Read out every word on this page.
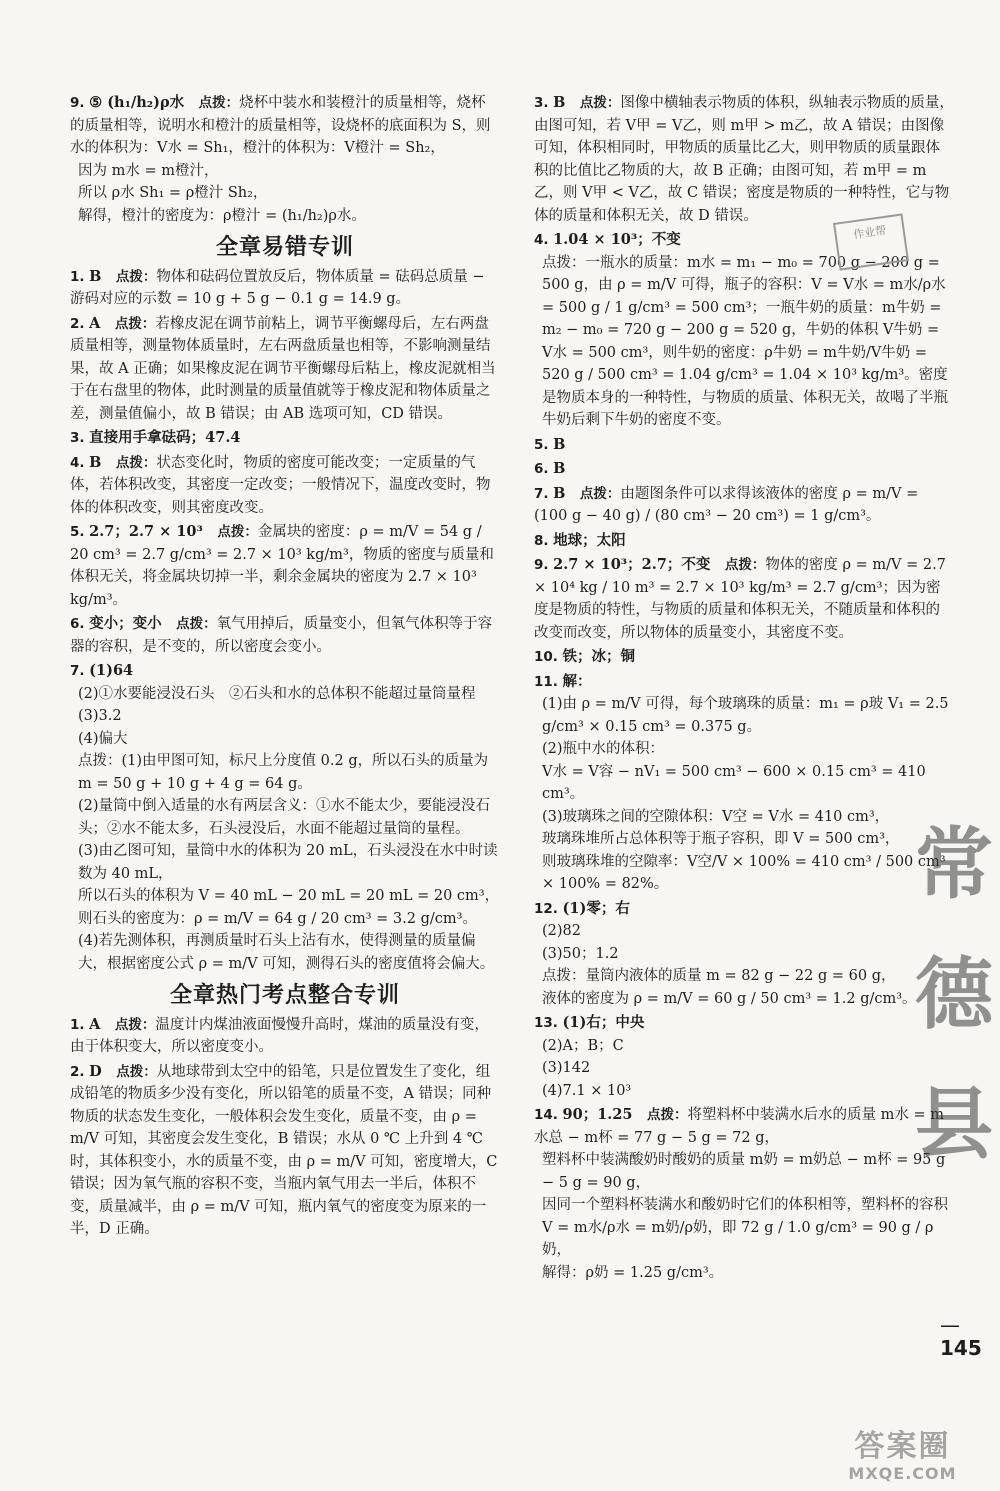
9. ⑤ (h₁/h₂)ρ水　 点拨：烧杯中装水和装橙汁的质量相等，烧杯的质量相等，说明水和橙汁的质量相等，设烧杯的底面积为 S，则水的体积为：V水 = Sh₁，橙汁的体积为：V橙汁 = Sh₂，
因为 m水 = m橙汁，
所以 ρ水 Sh₁ = ρ橙汁 Sh₂，
解得，橙汁的密度为：ρ橙汁 = (h₁/h₂)ρ水。
全章易错专训
1. B　 点拨：物体和砝码位置放反后，物体质量 = 砝码总质量 − 游码对应的示数 = 10 g + 5 g − 0.1 g = 14.9 g。
2. A　 点拨：若橡皮泥在调节前粘上，调节平衡螺母后，左右两盘质量相等，测量物体质量时，左右两盘质量也相等，不影响测量结果，故 A 正确；如果橡皮泥在调节平衡螺母后粘上，橡皮泥就相当于在右盘里的物体，此时测量的质量值就等于橡皮泥和物体质量之差，测量值偏小，故 B 错误；由 AB 选项可知，CD 错误。
3. 直接用手拿砝码；47.4
4. B　 点拨：状态变化时，物质的密度可能改变；一定质量的气体，若体积改变，其密度一定改变；一般情况下，温度改变时，物体的体积改变，则其密度改变。
5. 2.7；2.7 × 10³　 点拨：金属块的密度：ρ = m/V = 54 g / 20 cm³ = 2.7 g/cm³ = 2.7 × 10³ kg/m³，物质的密度与质量和体积无关，将金属块切掉一半，剩余金属块的密度为 2.7 × 10³ kg/m³。
6. 变小；变小　 点拨：氧气用掉后，质量变小，但氧气体积等于容器的容积，是不变的，所以密度会变小。
7. (1)64
(2)①水要能浸没石头　②石头和水的总体积不能超过量筒量程
(3)3.2
(4)偏大
点拨：(1)由甲图可知，标尺上分度值 0.2 g，所以石头的质量为 m = 50 g + 10 g + 4 g = 64 g。
(2)量筒中倒入适量的水有两层含义：①水不能太少，要能浸没石头；②水不能太多，石头浸没后，水面不能超过量筒的量程。
(3)由乙图可知，量筒中水的体积为 20 mL，石头浸没在水中时读数为 40 mL，
所以石头的体积为 V = 40 mL − 20 mL = 20 mL = 20 cm³，
则石头的密度为：ρ = m/V = 64 g / 20 cm³ = 3.2 g/cm³。
(4)若先测体积，再测质量时石头上沾有水，使得测量的质量偏大，根据密度公式 ρ = m/V 可知，测得石头的密度值将会偏大。
全章热门考点整合专训
1. A　 点拨：温度计内煤油液面慢慢升高时，煤油的质量没有变，由于体积变大，所以密度变小。
2. D　 点拨：从地球带到太空中的铅笔，只是位置发生了变化，组成铅笔的物质多少没有变化，所以铅笔的质量不变，A 错误；同种物质的状态发生变化，一般体积会发生变化，质量不变，由 ρ = m/V 可知，其密度会发生变化，B 错误；水从 0 ℃ 上升到 4 ℃ 时，其体积变小，水的质量不变，由 ρ = m/V 可知，密度增大，C 错误；因为氧气瓶的容积不变，当瓶内氧气用去一半后，体积不变，质量减半，由 ρ = m/V 可知，瓶内氧气的密度变为原来的一半，D 正确。
3. B　 点拨：图像中横轴表示物质的体积，纵轴表示物质的质量，由图可知，若 V甲 = V乙，则 m甲 > m乙，故 A 错误；由图像可知，体积相同时，甲物质的质量比乙大，则甲物质的质量跟体积的比值比乙物质的大，故 B 正确；由图可知，若 m甲 = m乙，则 V甲 < V乙，故 C 错误；密度是物质的一种特性，它与物体的质量和体积无关，故 D 错误。
4. 1.04 × 10³；不变
点拨：一瓶水的质量：m水 = m₁ − m₀ = 700 g − 200 g = 500 g，由 ρ = m/V 可得，瓶子的容积：V = V水 = m水/ρ水 = 500 g / 1 g/cm³ = 500 cm³；一瓶牛奶的质量：m牛奶 = m₂ − m₀ = 720 g − 200 g = 520 g，牛奶的体积 V牛奶 = V水 = 500 cm³，则牛奶的密度：ρ牛奶 = m牛奶/V牛奶 = 520 g / 500 cm³ = 1.04 g/cm³ = 1.04 × 10³ kg/m³。密度是物质本身的一种特性，与物质的质量、体积无关，故喝了半瓶牛奶后剩下牛奶的密度不变。
5. B
6. B
7. B　 点拨：由题图条件可以求得该液体的密度 ρ = m/V = (100 g − 40 g) / (80 cm³ − 20 cm³) = 1 g/cm³。
8. 地球；太阳
9. 2.7 × 10³；2.7；不变　 点拨：物体的密度 ρ = m/V = 2.7 × 10⁴ kg / 10 m³ = 2.7 × 10³ kg/m³ = 2.7 g/cm³；因为密度是物质的特性，与物质的质量和体积无关，不随质量和体积的改变而改变，所以物体的质量变小，其密度不变。
10. 铁；冰；铜
11. 解：
(1)由 ρ = m/V 可得，每个玻璃珠的质量：m₁ = ρ玻 V₁ = 2.5 g/cm³ × 0.15 cm³ = 0.375 g。
(2)瓶中水的体积：
V水 = V容 − nV₁ = 500 cm³ − 600 × 0.15 cm³ = 410 cm³。
(3)玻璃珠之间的空隙体积：V空 = V水 = 410 cm³，
玻璃珠堆所占总体积等于瓶子容积，即 V = 500 cm³，
则玻璃珠堆的空隙率：V空/V × 100% = 410 cm³ / 500 cm³ × 100% = 82%。
12. (1)零；右
(2)82
(3)50；1.2
点拨：量筒内液体的质量 m = 82 g − 22 g = 60 g，
液体的密度为 ρ = m/V = 60 g / 50 cm³ = 1.2 g/cm³。
13. (1)右；中央
(2)A；B；C
(3)142
(4)7.1 × 10³
14. 90；1.25　 点拨：将塑料杯中装满水后水的质量 m水 = m水总 − m杯 = 77 g − 5 g = 72 g，
塑料杯中装满酸奶时酸奶的质量 m奶 = m奶总 − m杯 = 95 g − 5 g = 90 g，
因同一个塑料杯装满水和酸奶时它们的体积相等，塑料杯的容积 V = m水/ρ水 = m奶/ρ奶，即 72 g / 1.0 g/cm³ = 90 g / ρ奶，
解得：ρ奶 = 1.25 g/cm³。
作业帮
常德县
答案圈
MXQE.COM
— 145
